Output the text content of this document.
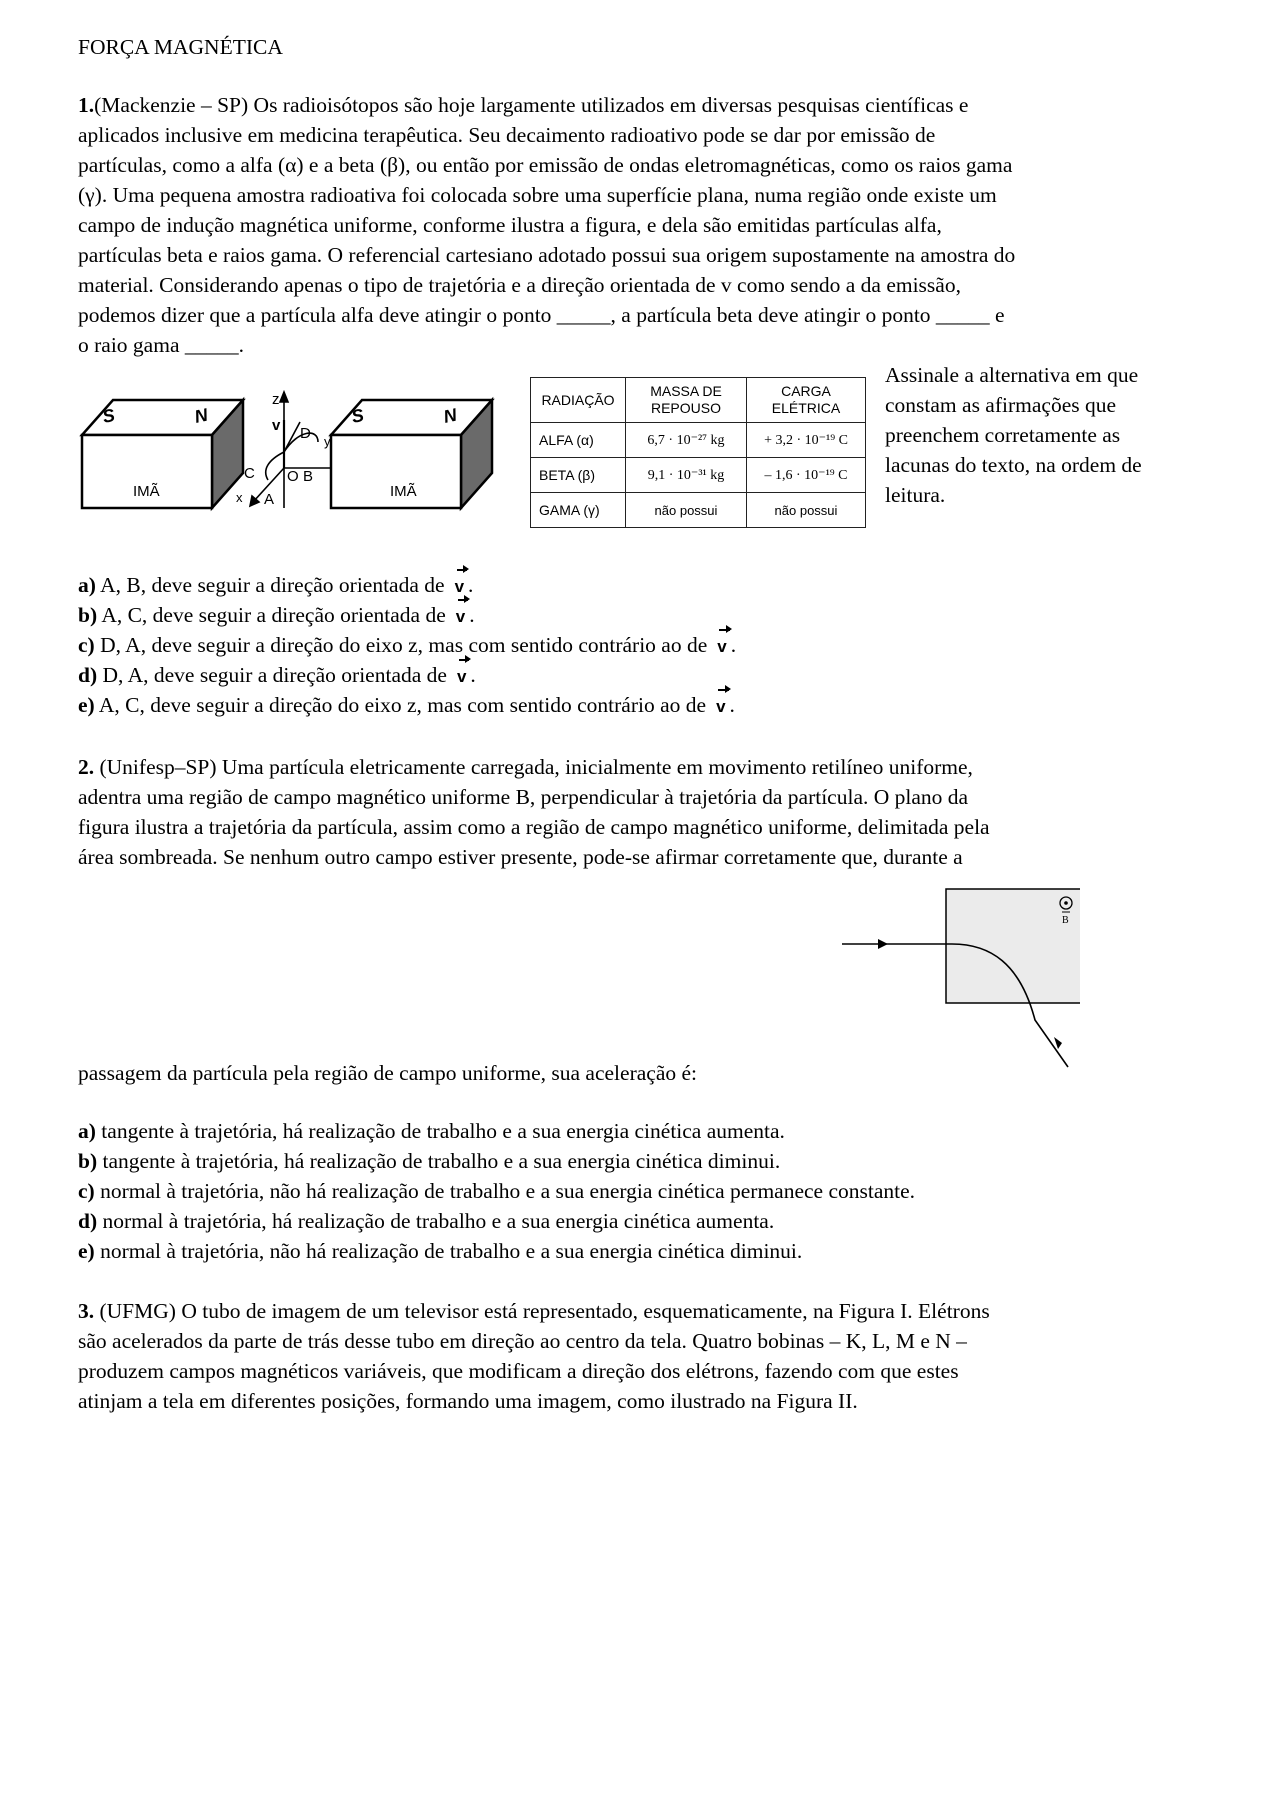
FORÇA MAGNÉTICA
1.(Mackenzie – SP) Os radioisótopos são hoje largamente utilizados em diversas pesquisas científicas e
aplicados inclusive em medicina terapêutica. Seu decaimento radioativo pode se dar por emissão de
partículas, como a alfa (α) e a beta (β), ou então por emissão de ondas eletromagnéticas, como os raios gama
(γ). Uma pequena amostra radioativa foi colocada sobre uma superfície plana, numa região onde existe um
campo de indução magnética uniforme, conforme ilustra a figura, e dela são emitidas partículas alfa,
partículas beta e raios gama. O referencial cartesiano adotado possui sua origem supostamente na amostra do
material. Considerando apenas o tipo de trajetória e a direção orientada de v como sendo a da emissão,
podemos dizer que a partícula alfa deve atingir o ponto _____, a partícula beta deve atingir o ponto _____ e
o raio gama _____.
S	N
IMÃ
S	N
IMÃ
z
v D y
C O B
x A
RADIAÇÃO	MASSA DE REPOUSO	CARGA ELÉTRICA
ALFA (α)	6,7 · 10⁻²⁷ kg	+ 3,2 · 10⁻¹⁹ C
BETA (β)	9,1 · 10⁻³¹ kg	– 1,6 · 10⁻¹⁹ C
GAMA (γ)	não possui	não possui
Assinale a alternativa em que
constam as afirmações que
preenchem corretamente as
lacunas do texto, na ordem de
leitura.
a) A, B, deve seguir a direção orientada de v .
b) A, C, deve seguir a direção orientada de v .
c) D, A, deve seguir a direção do eixo z, mas com sentido contrário ao de v .
d) D, A, deve seguir a direção orientada de v .
e) A, C, deve seguir a direção do eixo z, mas com sentido contrário ao de v .
2. (Unifesp–SP) Uma partícula eletricamente carregada, inicialmente em movimento retilíneo uniforme,
adentra uma região de campo magnético uniforme B, perpendicular à trajetória da partícula. O plano da
figura ilustra a trajetória da partícula, assim como a região de campo magnético uniforme, delimitada pela
área sombreada. Se nenhum outro campo estiver presente, pode-se afirmar corretamente que, durante a
passagem da partícula pela região de campo uniforme, sua aceleração é:
B
a) tangente à trajetória, há realização de trabalho e a sua energia cinética aumenta.
b) tangente à trajetória, há realização de trabalho e a sua energia cinética diminui.
c) normal à trajetória, não há realização de trabalho e a sua energia cinética permanece constante.
d) normal à trajetória, há realização de trabalho e a sua energia cinética aumenta.
e) normal à trajetória, não há realização de trabalho e a sua energia cinética diminui.
3. (UFMG) O tubo de imagem de um televisor está representado, esquematicamente, na Figura I. Elétrons
são acelerados da parte de trás desse tubo em direção ao centro da tela. Quatro bobinas – K, L, M e N –
produzem campos magnéticos variáveis, que modificam a direção dos elétrons, fazendo com que estes
atinjam a tela em diferentes posições, formando uma imagem, como ilustrado na Figura II.
